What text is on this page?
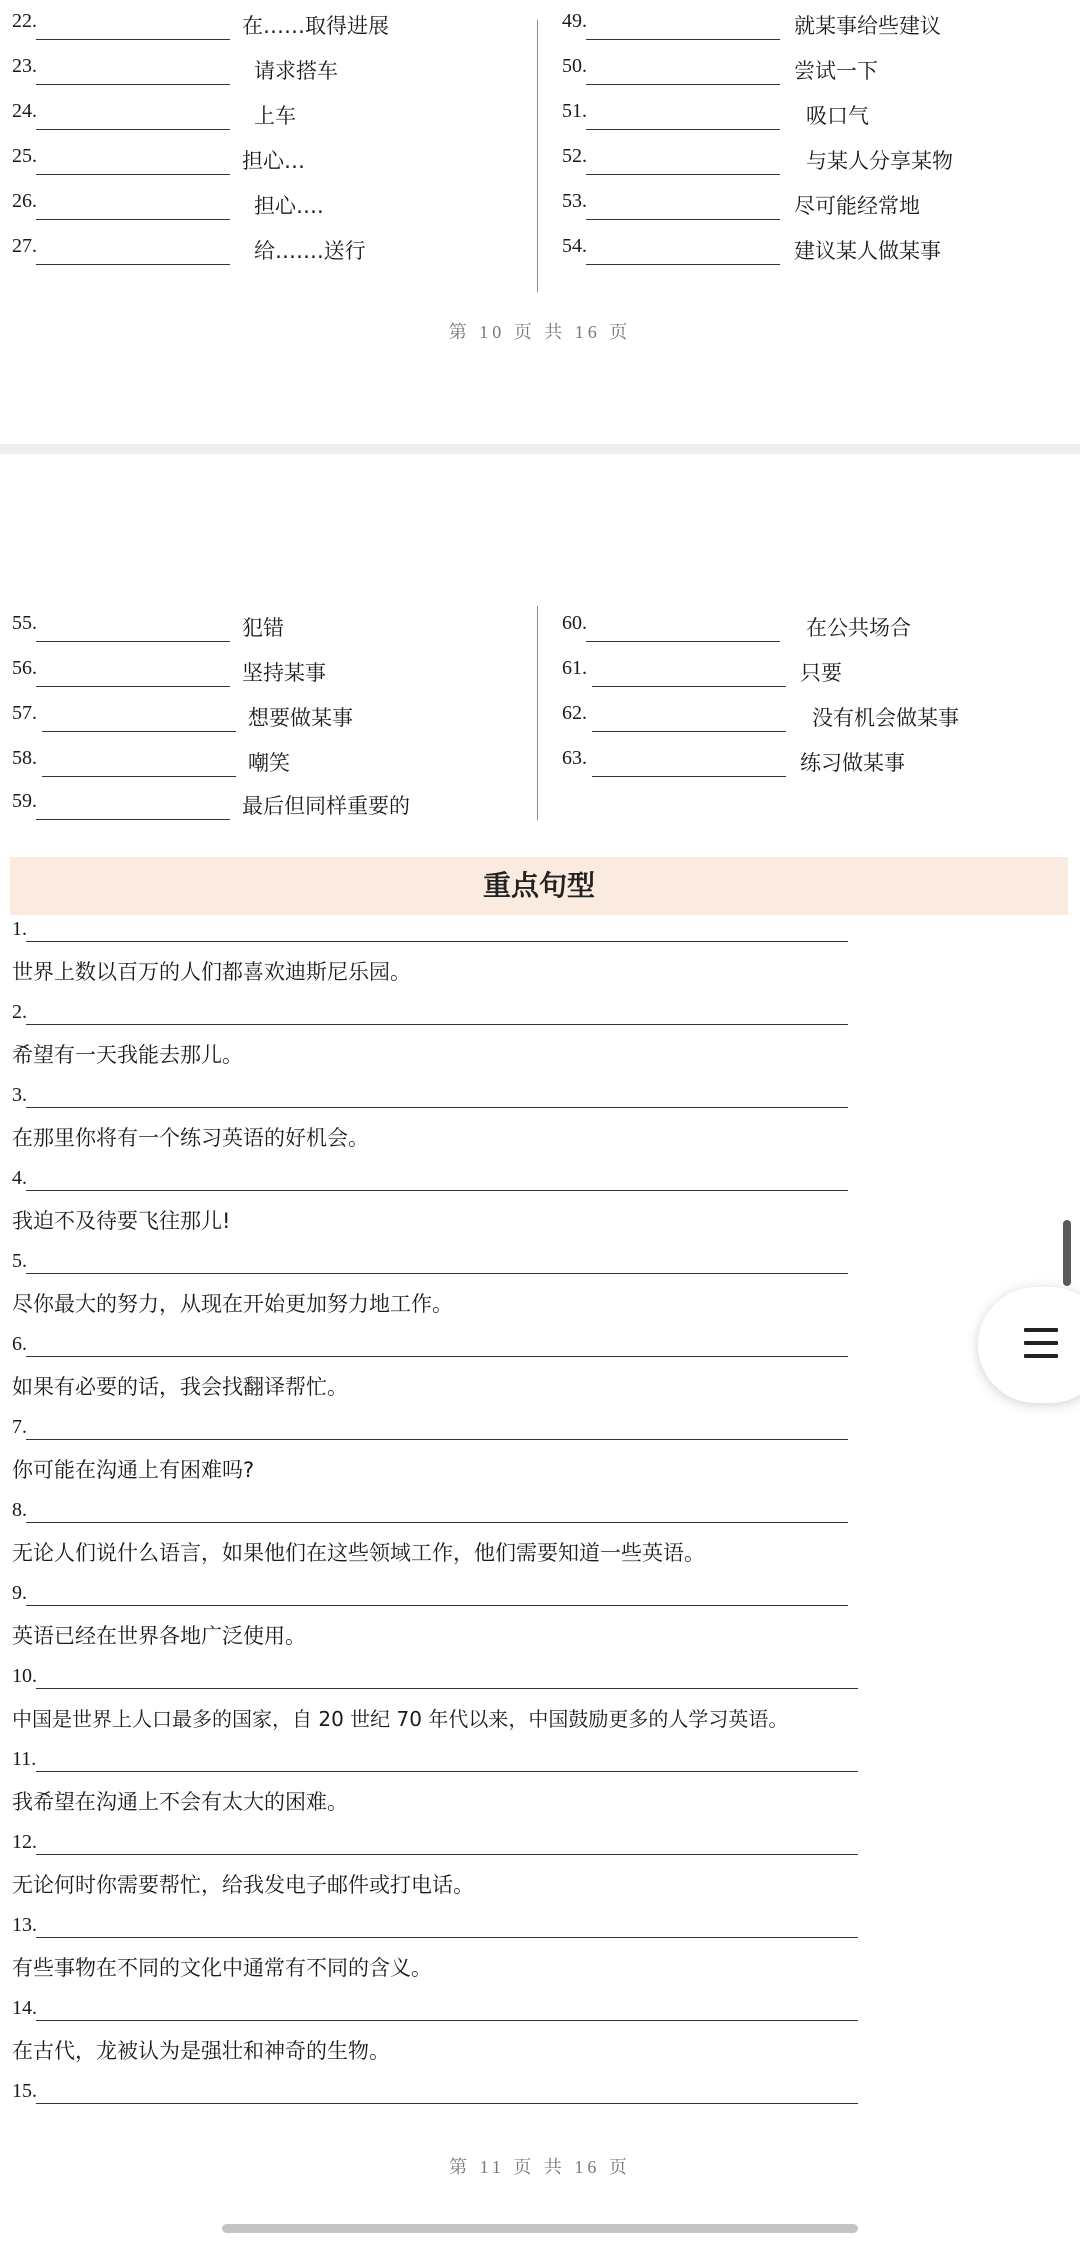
22.	在……取得进展
23.	请求搭车
24.	上车
25.	担心…
26.	担心….
27.	给…….送行
49.	就某事给些建议
50.	尝试一下
51.	吸口气
52.	与某人分享某物
53.	尽可能经常地
54.	建议某人做某事
第 10 页 共 16 页
55.	犯错
56.	坚持某事
57.	想要做某事
58.	嘲笑
59.	最后但同样重要的
60.	在公共场合
61.	只要
62.	没有机会做某事
63.	练习做某事
重点句型
1.
世界上数以百万的人们都喜欢迪斯尼乐园。
2.
希望有一天我能去那儿。
3.
在那里你将有一个练习英语的好机会。
4.
我迫不及待要飞往那儿!
5.
尽你最大的努力，从现在开始更加努力地工作。
6.
如果有必要的话，我会找翻译帮忙。
7.
你可能在沟通上有困难吗?
8.
无论人们说什么语言，如果他们在这些领域工作，他们需要知道一些英语。
9.
英语已经在世界各地广泛使用。
10.
中国是世界上人口最多的国家，自 20 世纪 70 年代以来，中国鼓励更多的人学习英语。
11.
我希望在沟通上不会有太大的困难。
12.
无论何时你需要帮忙，给我发电子邮件或打电话。
13.
有些事物在不同的文化中通常有不同的含义。
14.
在古代，龙被认为是强壮和神奇的生物。
15.
第 11 页 共 16 页
